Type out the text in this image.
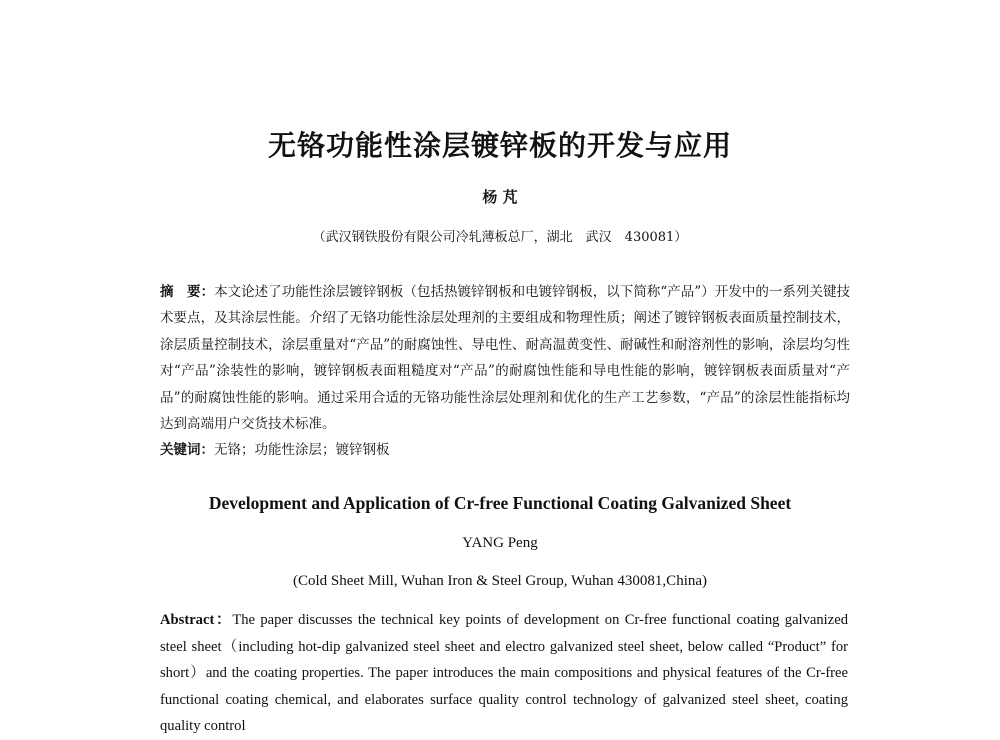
无铬功能性涂层镀锌板的开发与应用
杨 芃
（武汉钢铁股份有限公司冷轧薄板总厂，湖北　武汉　430081）

摘　要：本文论述了功能性涂层镀锌钢板（包括热镀锌钢板和电镀锌钢板，以下简称“产品”）开发中的一系列关键技术要点，及其涂层性能。介绍了无铬功能性涂层处理剂的主要组成和物理性质；阐述了镀锌钢板表面质量控制技术，涂层质量控制技术，涂层重量对“产品”的耐腐蚀性、导电性、耐高温黄变性、耐碱性和耐溶剂性的影响，涂层均匀性对“产品”涂装性的影响，镀锌钢板表面粗糙度对“产品”的耐腐蚀性能和导电性能的影响，镀锌钢板表面质量对“产品”的耐腐蚀性能的影响。通过采用合适的无铬功能性涂层处理剂和优化的生产工艺参数，“产品”的涂层性能指标均达到高端用户交货技术标准。

关键词：无铬；功能性涂层；镀锌钢板

Development and Application of Cr-free Functional Coating Galvanized Sheet
YANG Peng
(Cold Sheet Mill, Wuhan Iron & Steel Group, Wuhan 430081,China)

Abstract：The paper discusses the technical key points of development on Cr-free functional coating galvanized steel sheet（including hot-dip galvanized steel sheet and electro galvanized steel sheet, below called “Product” for short）and the coating properties. The paper introduces the main compositions and physical features of the Cr-free functional coating chemical, and elaborates surface quality control technology of galvanized steel sheet, coating quality control
